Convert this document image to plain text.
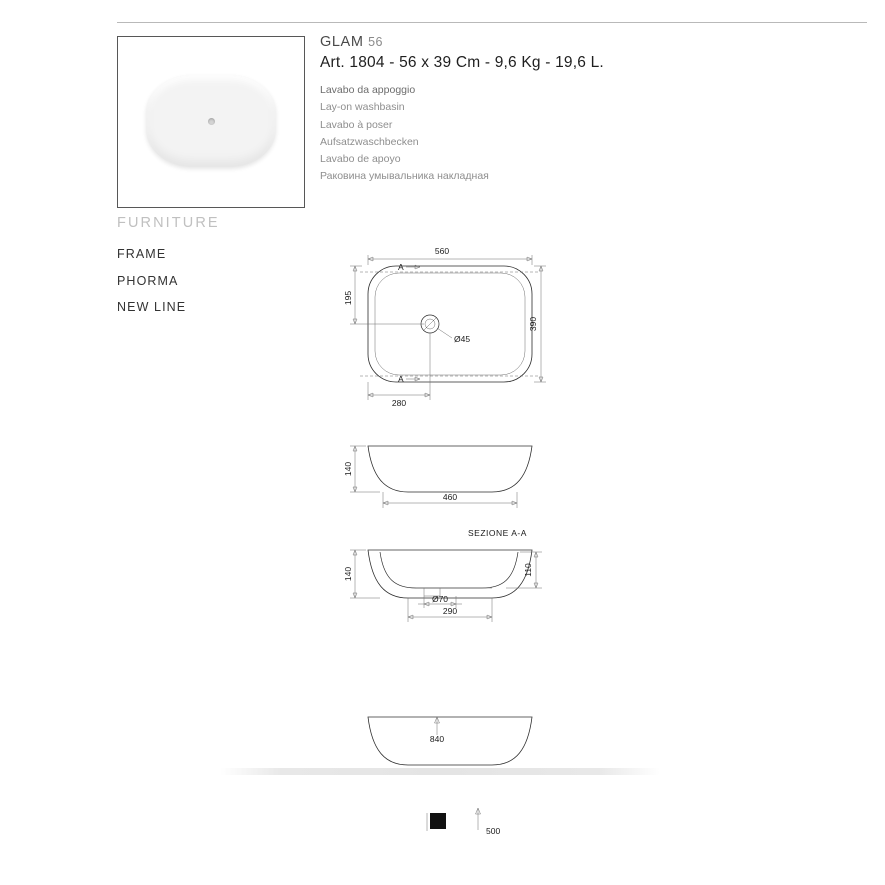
GLAM 56
Art. 1804 - 56 x 39 Cm - 9,6 Kg - 19,6 L.
Lavabo da appoggio
Lay-on washbasin
Lavabo à poser
Aufsatzwaschbecken
Lavabo de apoyo
Раковина умывальника накладная
FURNITURE
FRAME
PHORMA
NEW LINE
560
A
A
Ø45
195
390
280
140
460
SEZIONE A-A
140	110
Ø70
290
840
500
